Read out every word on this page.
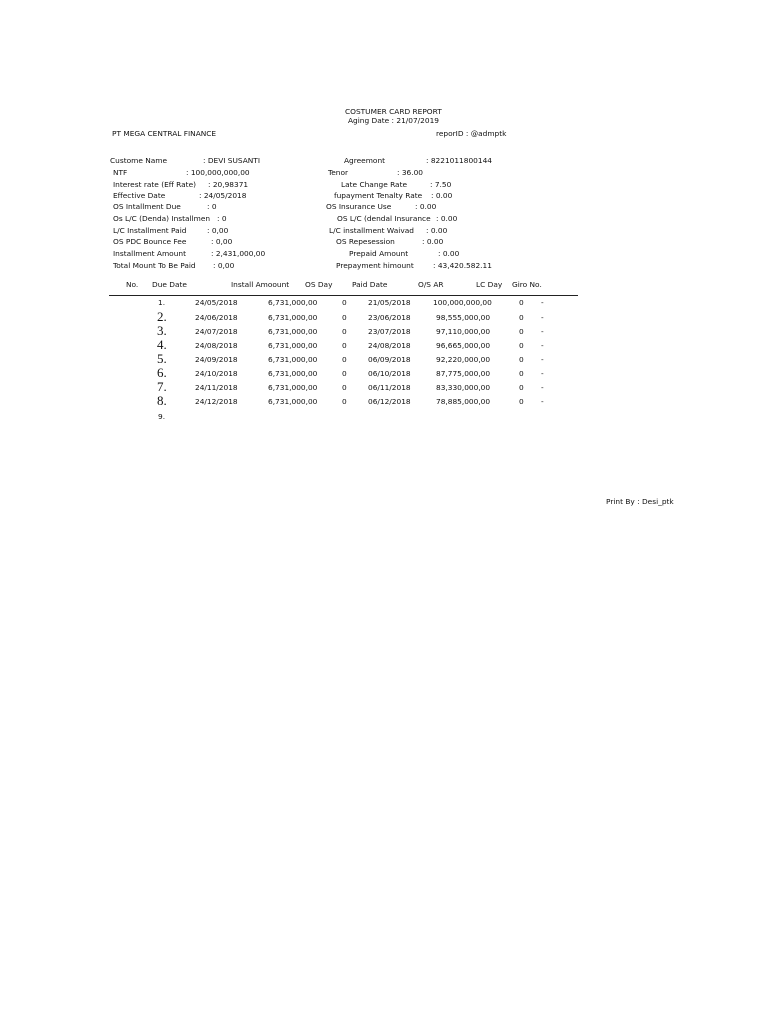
COSTUMER CARD REPORT
Aging Date : 21/07/2019
PT MEGA CENTRAL FINANCE	reporID : @admptk
Custome Name	: DEVI SUSANTI
NTF	: 100,000,000,00
Interest rate (Eff Rate) : 20,98371
Effective Date	: 24/05/2018
OS Intallment Due	: 0
Os L/C (Denda) Installmen : 0
L/C Installment Paid	: 0,00
OS PDC Bounce Fee	: 0,00
Installment Amount	: 2,431,000,00
Total Mount To Be Paid : 0,00
Agreemont	: 8221011800144
Tenor	: 36.00
Late Change Rate	: 7.50
fupayment Tenalty Rate : 0.00
OS Insurance Use	: 0.00
OS L/C (dendal Insurance : 0.00
L/C installment Waivad : 0.00
OS Repesession	: 0.00
Prepaid Amount	: 0.00
Prepayment himount	: 43,420.582.11
No. Due Date	Install Amoount OS Day	Paid Date	O/S AR	LC Day Giro No.
1.	24/05/2018	6,731,000,00	0	21/05/2018	100,000,000,00	0 -
2.	24/06/2018	6,731,000,00	0	23/06/2018	98,555,000,00	0 -
3.	24/07/2018	6,731,000,00	0	23/07/2018	97,110,000,00	0 -
4.	24/08/2018	6,731,000,00	0	24/08/2018	96,665,000,00	0 -
5.	24/09/2018	6,731,000,00	0	06/09/2018	92,220,000,00	0 -
6.	24/10/2018	6,731,000,00	0	06/10/2018	87,775,000,00	0 -
7.	24/11/2018	6,731,000,00	0	06/11/2018	83,330,000,00	0 -
8.	24/12/2018	6,731,000,00	0	06/12/2018	78,885,000,00	0 -
9.
Print By : Desi_ptk
